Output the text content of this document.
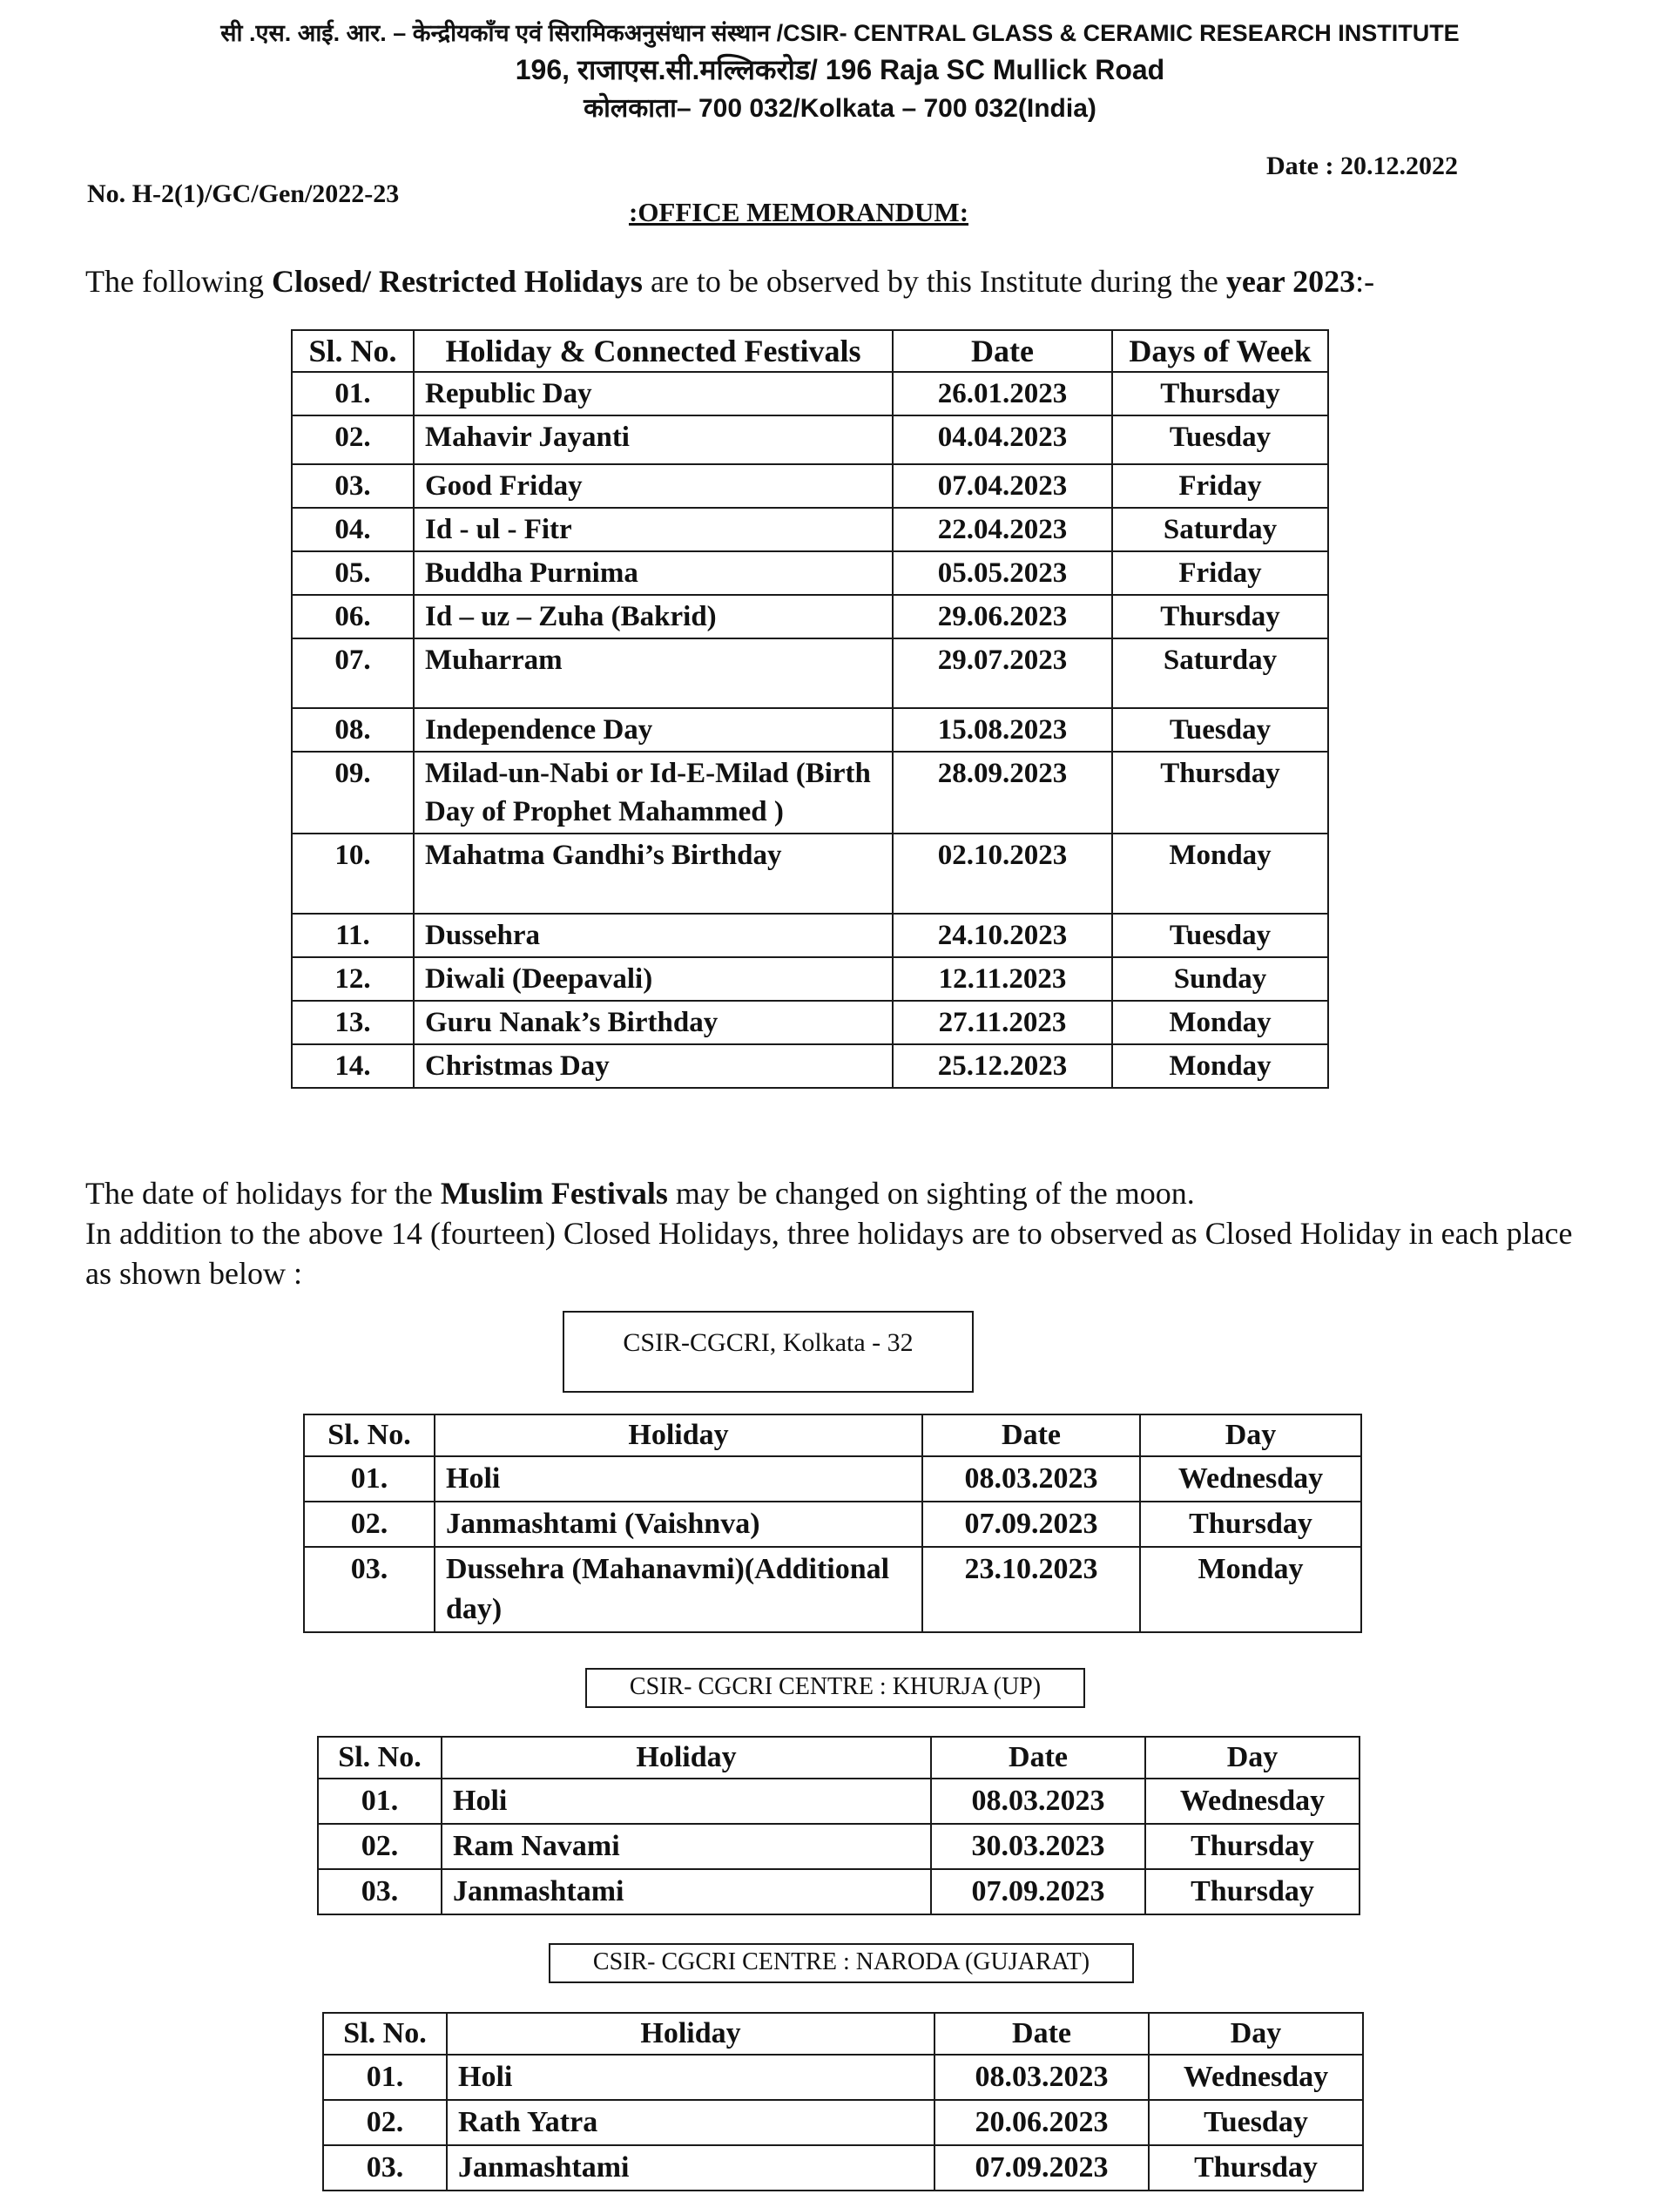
सी .एस. आई. आर. – केन्द्रीयकाँच एवं सिरामिकअनुसंधान संस्थान /CSIR- CENTRAL GLASS & CERAMIC RESEARCH INSTITUTE
196, राजाएस.सी.मल्लिकरोड/ 196 Raja SC Mullick Road
कोलकाता– 700 032/Kolkata – 700 032(India)
Date : 20.12.2022
No. H-2(1)/GC/Gen/2022-23
:OFFICE MEMORANDUM:
The following Closed/ Restricted Holidays are to be observed by this Institute during the year 2023:-
Sl. No.	Holiday & Connected Festivals	Date	Days of Week
01.	Republic Day	26.01.2023	Thursday
02.	Mahavir Jayanti	04.04.2023	Tuesday
03.	Good Friday	07.04.2023	Friday
04.	Id - ul - Fitr	22.04.2023	Saturday
05.	Buddha Purnima	05.05.2023	Friday
06.	Id – uz – Zuha (Bakrid)	29.06.2023	Thursday
07.	Muharram	29.07.2023	Saturday
08.	Independence Day	15.08.2023	Tuesday
09.	Milad-un-Nabi or Id-E-Milad (Birth Day of Prophet Mahammed )	28.09.2023	Thursday
10.	Mahatma Gandhi’s Birthday	02.10.2023	Monday
11.	Dussehra	24.10.2023	Tuesday
12.	Diwali (Deepavali)	12.11.2023	Sunday
13.	Guru Nanak’s Birthday	27.11.2023	Monday
14.	Christmas Day	25.12.2023	Monday
The date of holidays for the Muslim Festivals may be changed on sighting of the moon.
In addition to the above 14 (fourteen) Closed Holidays, three holidays are to observed as Closed Holiday in each place as shown below :
CSIR-CGCRI, Kolkata - 32
Sl. No.	Holiday	Date	Day
01.	Holi	08.03.2023	Wednesday
02.	Janmashtami (Vaishnva)	07.09.2023	Thursday
03.	Dussehra (Mahanavmi)(Additional day)	23.10.2023	Monday
CSIR- CGCRI CENTRE : KHURJA (UP)
Sl. No.	Holiday	Date	Day
01.	Holi	08.03.2023	Wednesday
02.	Ram Navami	30.03.2023	Thursday
03.	Janmashtami	07.09.2023	Thursday
CSIR- CGCRI CENTRE : NARODA (GUJARAT)
Sl. No.	Holiday	Date	Day
01.	Holi	08.03.2023	Wednesday
02.	Rath Yatra	20.06.2023	Tuesday
03.	Janmashtami	07.09.2023	Thursday
